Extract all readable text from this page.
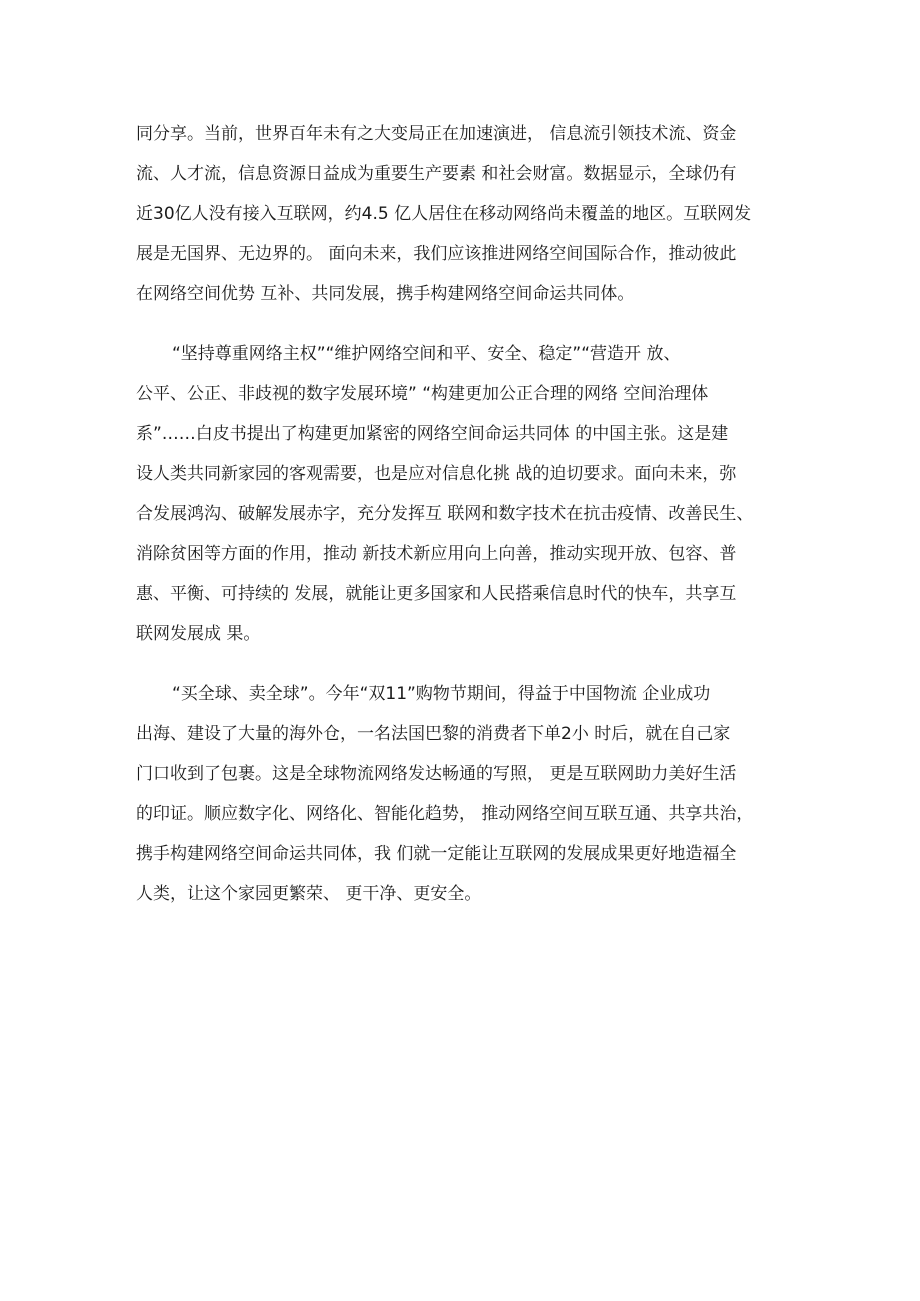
同分享。当前，世界百年未有之大变局正在加速演进， 信息流引领技术流、资金
流、人才流，信息资源日益成为重要生产要素 和社会财富。数据显示，全球仍有
近30亿人没有接入互联网，约4.5 亿人居住在移动网络尚未覆盖的地区。互联网发
展是无国界、无边界的。 面向未来，我们应该推进网络空间国际合作，推动彼此
在网络空间优势 互补、共同发展，携手构建网络空间命运共同体。
“坚持尊重网络主权”“维护网络空间和平、安全、稳定”“营造开 放、
公平、公正、非歧视的数字发展环境” “构建更加公正合理的网络 空间治理体
系”……白皮书提出了构建更加紧密的网络空间命运共同体 的中国主张。这是建
设人类共同新家园的客观需要，也是应对信息化挑 战的迫切要求。面向未来，弥
合发展鸿沟、破解发展赤字，充分发挥互 联网和数字技术在抗击疫情、改善民生、
消除贫困等方面的作用，推动 新技术新应用向上向善，推动实现开放、包容、普
惠、平衡、可持续的 发展，就能让更多国家和人民搭乘信息时代的快车，共享互
联网发展成 果。
“买全球、卖全球”。今年“双11”购物节期间，得益于中国物流 企业成功
出海、建设了大量的海外仓，一名法国巴黎的消费者下单2小 时后，就在自己家
门口收到了包裹。这是全球物流网络发达畅通的写照， 更是互联网助力美好生活
的印证。顺应数字化、网络化、智能化趋势， 推动网络空间互联互通、共享共治，
携手构建网络空间命运共同体，我 们就一定能让互联网的发展成果更好地造福全
人类，让这个家园更繁荣、 更干净、更安全。
